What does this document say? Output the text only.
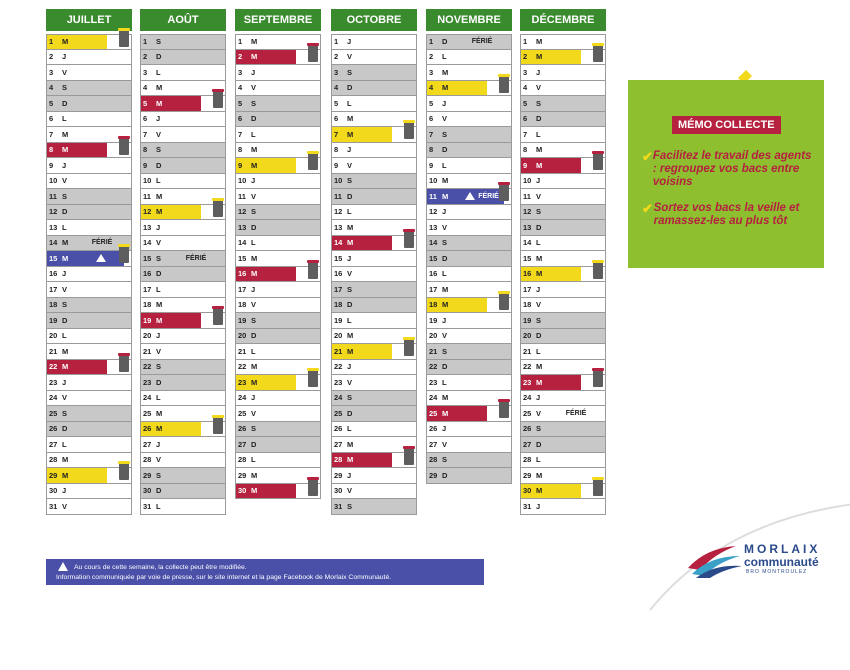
JUILLET
1	M
2	J
3	V
4	S
5	D
6	L
7	M
8	M
9	J
10 V
11 S
12 D
13 L
14 M	FÉRIÉ
15 M
16 J
17 V
18 S
19 D
20 L
21 M
22 M
23 J
24 V
25 S
26 D
27 L
28 M
29 M
30 J
31 V
AOÛT
1	S
2	D
3	L
4	M
5	M
6	J
7	V
8	S
9	D
10 L
11 M
12 M
13 J
14 V
15 S	FÉRIÉ
16 D
17 L
18 M
19 M
20 J
21 V
22 S
23 D
24 L
25 M
26 M
27 J
28 V
29 S
30 D
31 L
SEPTEMBRE
1	M
2	M
3	J
4	V
5	S
6	D
7	L
8	M
9	M
10 J
11 V
12 S
13 D
14 L
15 M
16 M
17 J
18 V
19 S
20 D
21 L
22 M
23 M
24 J
25 V
26 S
27 D
28 L
29 M
30 M
OCTOBRE
1	J
2	V
3	S
4	D
5	L
6	M
7	M
8	J
9	V
10 S
11 D
12 L
13 M
14 M
15 J
16 V
17 S
18 D
19 L
20 M
21 M
22 J
23 V
24 S
25 D
26 L
27 M
28 M
29 J
30 V
31 S
NOVEMBRE
1	D	FÉRIÉ
2	L
3	M
4	M
5	J
6	V
7	S
8	D
9	L
10 M
11 M	FÉRIÉ
12 J
13 V
14 S
15 D
16 L
17 M
18 M
19 J
20 V
21 S
22 D
23 L
24 M
25 M
26 J
27 V
28 S
29 D
DÉCEMBRE
1	M
2	M
3	J
4	V
5	S
6	D
7	L
8	M
9	M
10 J
11 V
12 S
13 D
14 L
15 M
16 M
17 J
18 V
19 S
20 D
21 L
22 M
23 M
24 J
25 V	FÉRIÉ
26 S
27 D
28 L
29 M
30 M
31 J
MÉMO COLLECTE
✔ Facilitez le travail des agents : regroupez vos bacs entre voisins
✔ Sortez vos bacs la veille et ramassez-les au plus tôt
Au cours de cette semaine, la collecte peut être modifiée.
Information communiquée par voie de presse, sur le site internet et la page Facebook de Morlaix Communauté.
MORLAIX
communauté
BRO MONTROULEZ
